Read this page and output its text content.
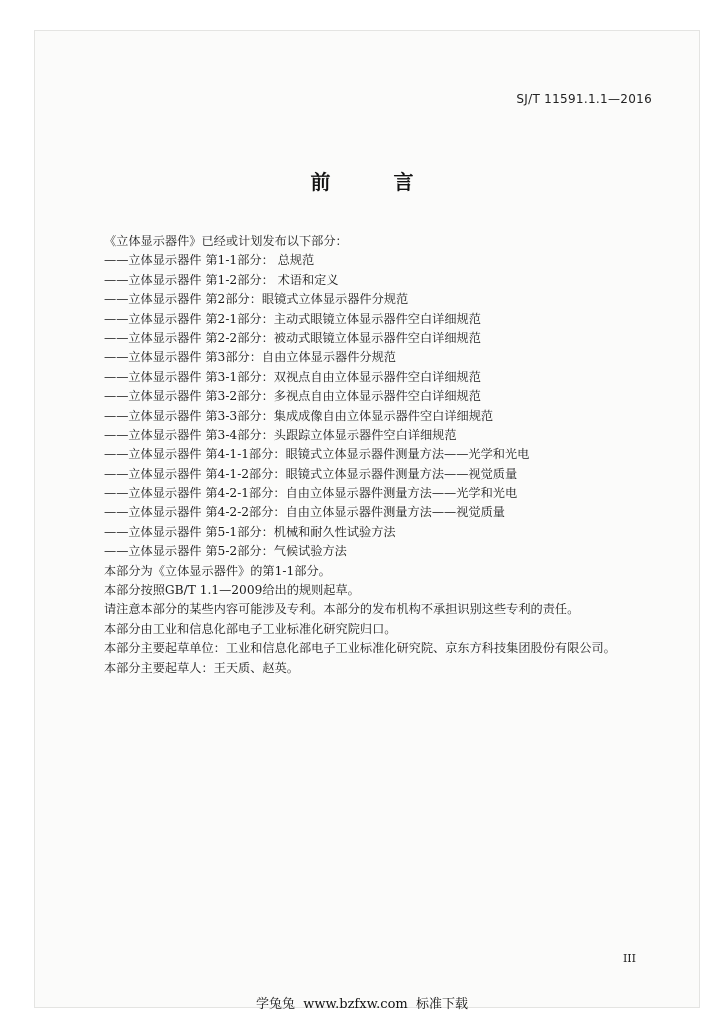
SJ/T 11591.1.1—2016
前 言
《立体显示器件》已经或计划发布以下部分：
——立体显示器件 第1-1部分： 总规范
——立体显示器件 第1-2部分： 术语和定义
——立体显示器件 第2部分：眼镜式立体显示器件分规范
——立体显示器件 第2-1部分：主动式眼镜立体显示器件空白详细规范
——立体显示器件 第2-2部分：被动式眼镜立体显示器件空白详细规范
——立体显示器件 第3部分：自由立体显示器件分规范
——立体显示器件 第3-1部分：双视点自由立体显示器件空白详细规范
——立体显示器件 第3-2部分：多视点自由立体显示器件空白详细规范
——立体显示器件 第3-3部分：集成成像自由立体显示器件空白详细规范
——立体显示器件 第3-4部分：头跟踪立体显示器件空白详细规范
——立体显示器件 第4-1-1部分：眼镜式立体显示器件测量方法——光学和光电
——立体显示器件 第4-1-2部分：眼镜式立体显示器件测量方法——视觉质量
——立体显示器件 第4-2-1部分：自由立体显示器件测量方法——光学和光电
——立体显示器件 第4-2-2部分：自由立体显示器件测量方法——视觉质量
——立体显示器件 第5-1部分：机械和耐久性试验方法
——立体显示器件 第5-2部分：气候试验方法
本部分为《立体显示器件》的第1-1部分。
本部分按照GB/T 1.1—2009给出的规则起草。
请注意本部分的某些内容可能涉及专利。本部分的发布机构不承担识别这些专利的责任。
本部分由工业和信息化部电子工业标准化研究院归口。
本部分主要起草单位：工业和信息化部电子工业标准化研究院、京东方科技集团股份有限公司。
本部分主要起草人：王天质、赵英。
III
学兔兔  www.bzfxw.com  标准下载
